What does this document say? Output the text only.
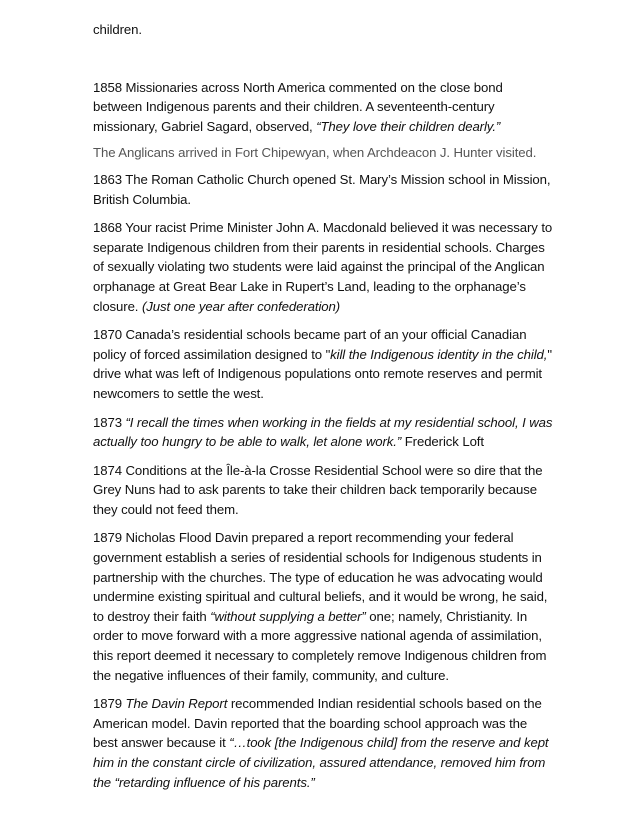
children.

1858 Missionaries across North America commented on the close bond between Indigenous parents and their children. A seventeenth-century missionary, Gabriel Sagard, observed, “They love their children dearly.”

The Anglicans arrived in Fort Chipewyan, when Archdeacon J. Hunter visited.

1863 The Roman Catholic Church opened St. Mary’s Mission school in Mission, British Columbia.

1868 Your racist Prime Minister John A. Macdonald believed it was necessary to separate Indigenous children from their parents in residential schools. Charges of sexually violating two students were laid against the principal of the Anglican orphanage at Great Bear Lake in Rupert’s Land, leading to the orphanage’s closure. (Just one year after confederation)

1870 Canada’s residential schools became part of an your official Canadian policy of forced assimilation designed to "kill the Indigenous identity in the child," drive what was left of Indigenous populations onto remote reserves and permit newcomers to settle the west.

1873 “I recall the times when working in the fields at my residential school, I was actually too hungry to be able to walk, let alone work.” Frederick Loft

1874 Conditions at the Île-à-la Crosse Residential School were so dire that the Grey Nuns had to ask parents to take their children back temporarily because they could not feed them.

1879 Nicholas Flood Davin prepared a report recommending your federal government establish a series of residential schools for Indigenous students in partnership with the churches. The type of education he was advocating would undermine existing spiritual and cultural beliefs, and it would be wrong, he said, to destroy their faith “without supplying a better” one; namely, Christianity. In order to move forward with a more aggressive national agenda of assimilation, this report deemed it necessary to completely remove Indigenous children from the negative influences of their family, community, and culture.

1879 The Davin Report recommended Indian residential schools based on the American model. Davin reported that the boarding school approach was the best answer because it “…took [the Indigenous child] from the reserve and kept him in the constant circle of civilization, assured attendance, removed him from the “retarding influence of his parents.”
